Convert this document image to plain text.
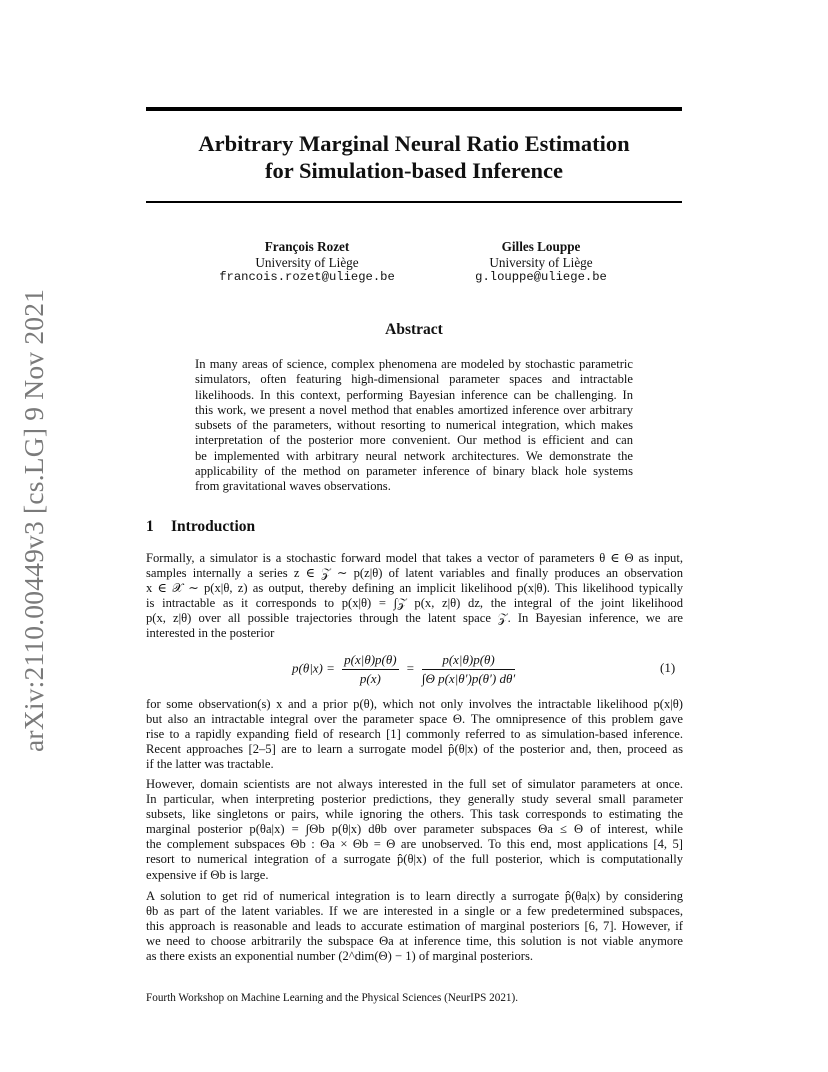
arXiv:2110.00449v3 [cs.LG] 9 Nov 2021
Arbitrary Marginal Neural Ratio Estimation
for Simulation-based Inference
François Rozet
University of Liège
francois.rozet@uliege.be
Gilles Louppe
University of Liège
g.louppe@uliege.be
Abstract
In many areas of science, complex phenomena are modeled by stochastic parametric
simulators, often featuring high-dimensional parameter spaces and intractable
likelihoods. In this context, performing Bayesian inference can be challenging. In
this work, we present a novel method that enables amortized inference over arbitrary
subsets of the parameters, without resorting to numerical integration, which makes
interpretation of the posterior more convenient. Our method is efficient and can
be implemented with arbitrary neural network architectures. We demonstrate the
applicability of the method on parameter inference of binary black hole systems
from gravitational waves observations.
1 Introduction
Formally, a simulator is a stochastic forward model that takes a vector of parameters θ ∈ Θ as input,
samples internally a series z ∈ 𝒵 ∼ p(z|θ) of latent variables and finally produces an observation
x ∈ 𝒳 ∼ p(x|θ, z) as output, thereby defining an implicit likelihood p(x|θ). This likelihood typically
is intractable as it corresponds to p(x|θ) = ∫𝒵 p(x, z|θ) dz, the integral of the joint likelihood
p(x, z|θ) over all possible trajectories through the latent space 𝒵. In Bayesian inference, we are
interested in the posterior
$p(\theta|x) = \frac{p(x|\theta)p(\theta)}{p(x)} = \frac{p(x|\theta)p(\theta)}{\text{∫Θ p(x|θ′)p(θ′) dθ′}}$	(1)
for some observation(s) x and a prior p(θ), which not only involves the intractable likelihood p(x|θ)
but also an intractable integral over the parameter space Θ. The omnipresence of this problem gave
rise to a rapidly expanding field of research [1] commonly referred to as simulation-based inference.
Recent approaches [2–5] are to learn a surrogate model p̂(θ|x) of the posterior and, then, proceed as
if the latter was tractable.
However, domain scientists are not always interested in the full set of simulator parameters at once.
In particular, when interpreting posterior predictions, they generally study several small parameter
subsets, like singletons or pairs, while ignoring the others. This task corresponds to estimating the
marginal posterior p(θa|x) = ∫Θb p(θ|x) dθb over parameter subspaces Θa ≤ Θ of interest, while
the complement subspaces Θb : Θa × Θb = Θ are unobserved. To this end, most applications [4, 5]
resort to numerical integration of a surrogate p̂(θ|x) of the full posterior, which is computationally
expensive if Θb is large.
A solution to get rid of numerical integration is to learn directly a surrogate p̂(θa|x) by considering
θb as part of the latent variables. If we are interested in a single or a few predetermined subspaces,
this approach is reasonable and leads to accurate estimation of marginal posteriors [6, 7]. However, if
we need to choose arbitrarily the subspace Θa at inference time, this solution is not viable anymore
as there exists an exponential number (2^dim(Θ) − 1) of marginal posteriors.
Fourth Workshop on Machine Learning and the Physical Sciences (NeurIPS 2021).
